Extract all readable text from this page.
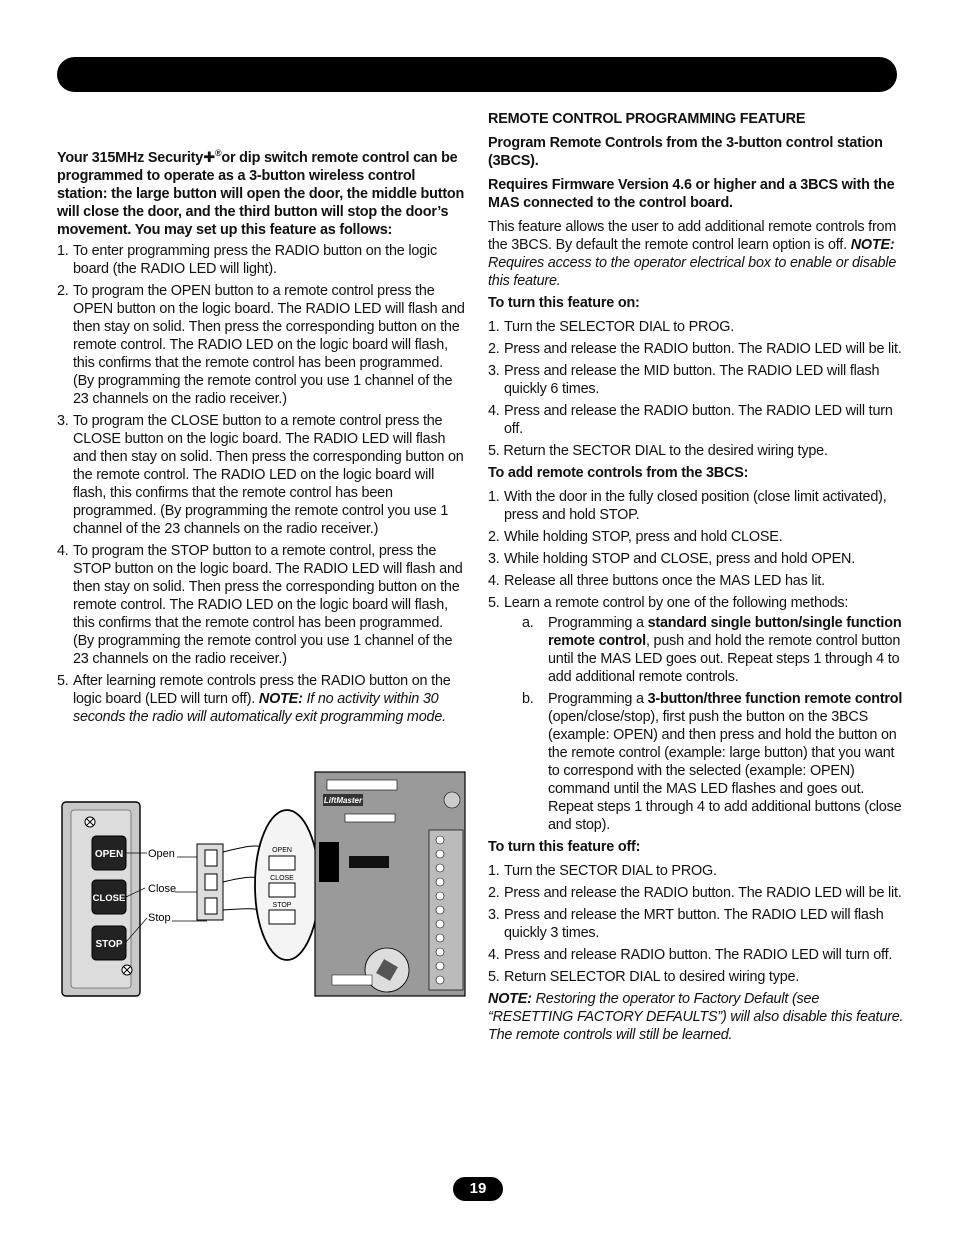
Your 315MHz Security✚®or dip switch remote control can be programmed to operate as a 3-button wireless control station: the large button will open the door, the middle button will close the door, and the third button will stop the door’s movement. You may set up this feature as follows:

1. To enter programming press the RADIO button on the logic board (the RADIO LED will light).
2. To program the OPEN button to a remote control press the OPEN button on the logic board. The RADIO LED will flash and then stay on solid. Then press the corresponding button on the remote control. The RADIO LED on the logic board will flash, this confirms that the remote control has been programmed. (By programming the remote control you use 1 channel of the 23 channels on the radio receiver.)
3. To program the CLOSE button to a remote control press the CLOSE button on the logic board. The RADIO LED will flash and then stay on solid. Then press the corresponding button on the remote control. The RADIO LED on the logic board will flash, this confirms that the remote control has been programmed. (By programming the remote control you use 1 channel of the 23 channels on the radio receiver.)
4. To program the STOP button to a remote control, press the STOP button on the logic board. The RADIO LED will flash and then stay on solid. Then press the corresponding button on the remote control. The RADIO LED on the logic board will flash, this confirms that the remote control has been programmed. (By programming the remote control you use 1 channel of the 23 channels on the radio receiver.)
5. After learning remote controls press the RADIO button on the logic board (LED will turn off). NOTE: If no activity within 30 seconds the radio will automatically exit programming mode.
OPEN
CLOSE
STOP
Open
Close
Stop
OPEN
CLOSE
STOP
LiftMaster

REMOTE CONTROL PROGRAMMING FEATURE

Program Remote Controls from the 3-button control station (3BCS).

Requires Firmware Version 4.6 or higher and a 3BCS with the MAS connected to the control board.

This feature allows the user to add additional remote controls from the 3BCS. By default the remote control learn option is off. NOTE: Requires access to the operator electrical box to enable or disable this feature.

To turn this feature on:

1. Turn the SELECTOR DIAL to PROG.
2. Press and release the RADIO button. The RADIO LED will be lit.
3. Press and release the MID button. The RADIO LED will flash quickly 6 times.
4. Press and release the RADIO button. The RADIO LED will turn off.
5. Return the SECTOR DIAL to the desired wiring type.

To add remote controls from the 3BCS:

1. With the door in the fully closed position (close limit activated), press and hold STOP.
2. While holding STOP, press and hold CLOSE.
3. While holding STOP and CLOSE, press and hold OPEN.
4. Release all three buttons once the MAS LED has lit.
5. Learn a remote control by one of the following methods:
a. Programming a standard single button/single function remote control, push and hold the remote control button until the MAS LED goes out. Repeat steps 1 through 4 to add additional remote controls.
b. Programming a 3-button/three function remote control (open/close/stop), first push the button on the 3BCS (example: OPEN) and then press and hold the button on the remote control (example: large button) that you want to correspond with the selected (example: OPEN) command until the MAS LED flashes and goes out. Repeat steps 1 through 4 to add additional buttons (close and stop).

To turn this feature off:

1. Turn the SECTOR DIAL to PROG.
2. Press and release the RADIO button. The RADIO LED will be lit.
3. Press and release the MRT button. The RADIO LED will flash quickly 3 times.
4. Press and release RADIO button. The RADIO LED will turn off.
5. Return SELECTOR DIAL to desired wiring type.

NOTE: Restoring the operator to Factory Default (see “RESETTING FACTORY DEFAULTS”) will also disable this feature. The remote controls will still be learned.

19
